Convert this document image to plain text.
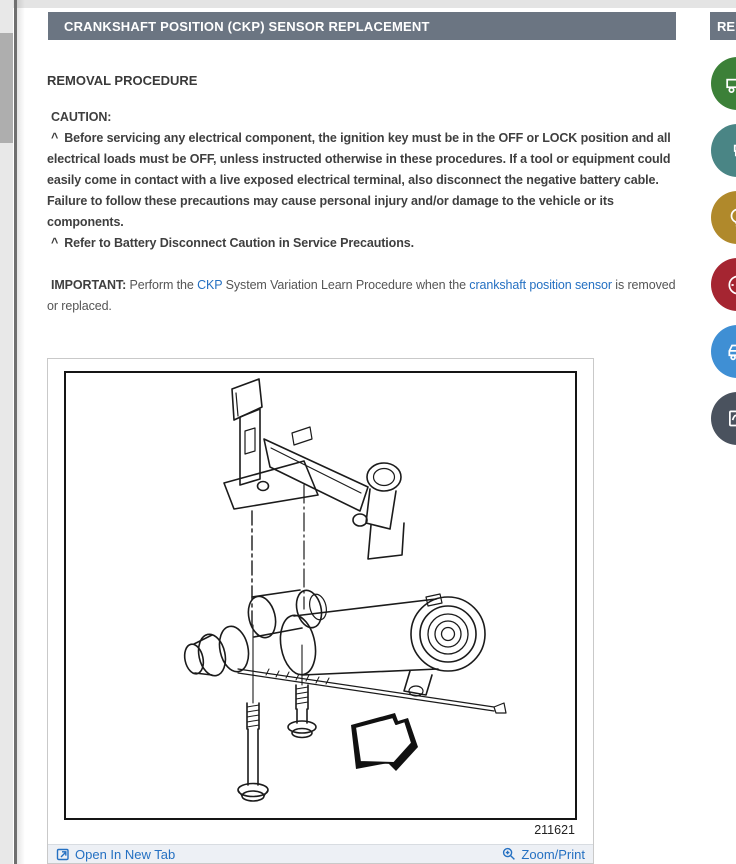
CRANKSHAFT POSITION (CKP) SENSOR REPLACEMENT	RE
REMOVAL PROCEDURE
CAUTION:
^ Before servicing any electrical component, the ignition key must be in the OFF or LOCK position and all electrical loads must be OFF, unless instructed otherwise in these procedures. If a tool or equipment could easily come in contact with a live exposed electrical terminal, also disconnect the negative battery cable. Failure to follow these precautions may cause personal injury and/or damage to the vehicle or its components.
^ Refer to Battery Disconnect Caution in Service Precautions.
IMPORTANT: Perform the CKP System Variation Learn Procedure when the crankshaft position sensor is removed or replaced.
211621
Open In New Tab	Zoom/Print
